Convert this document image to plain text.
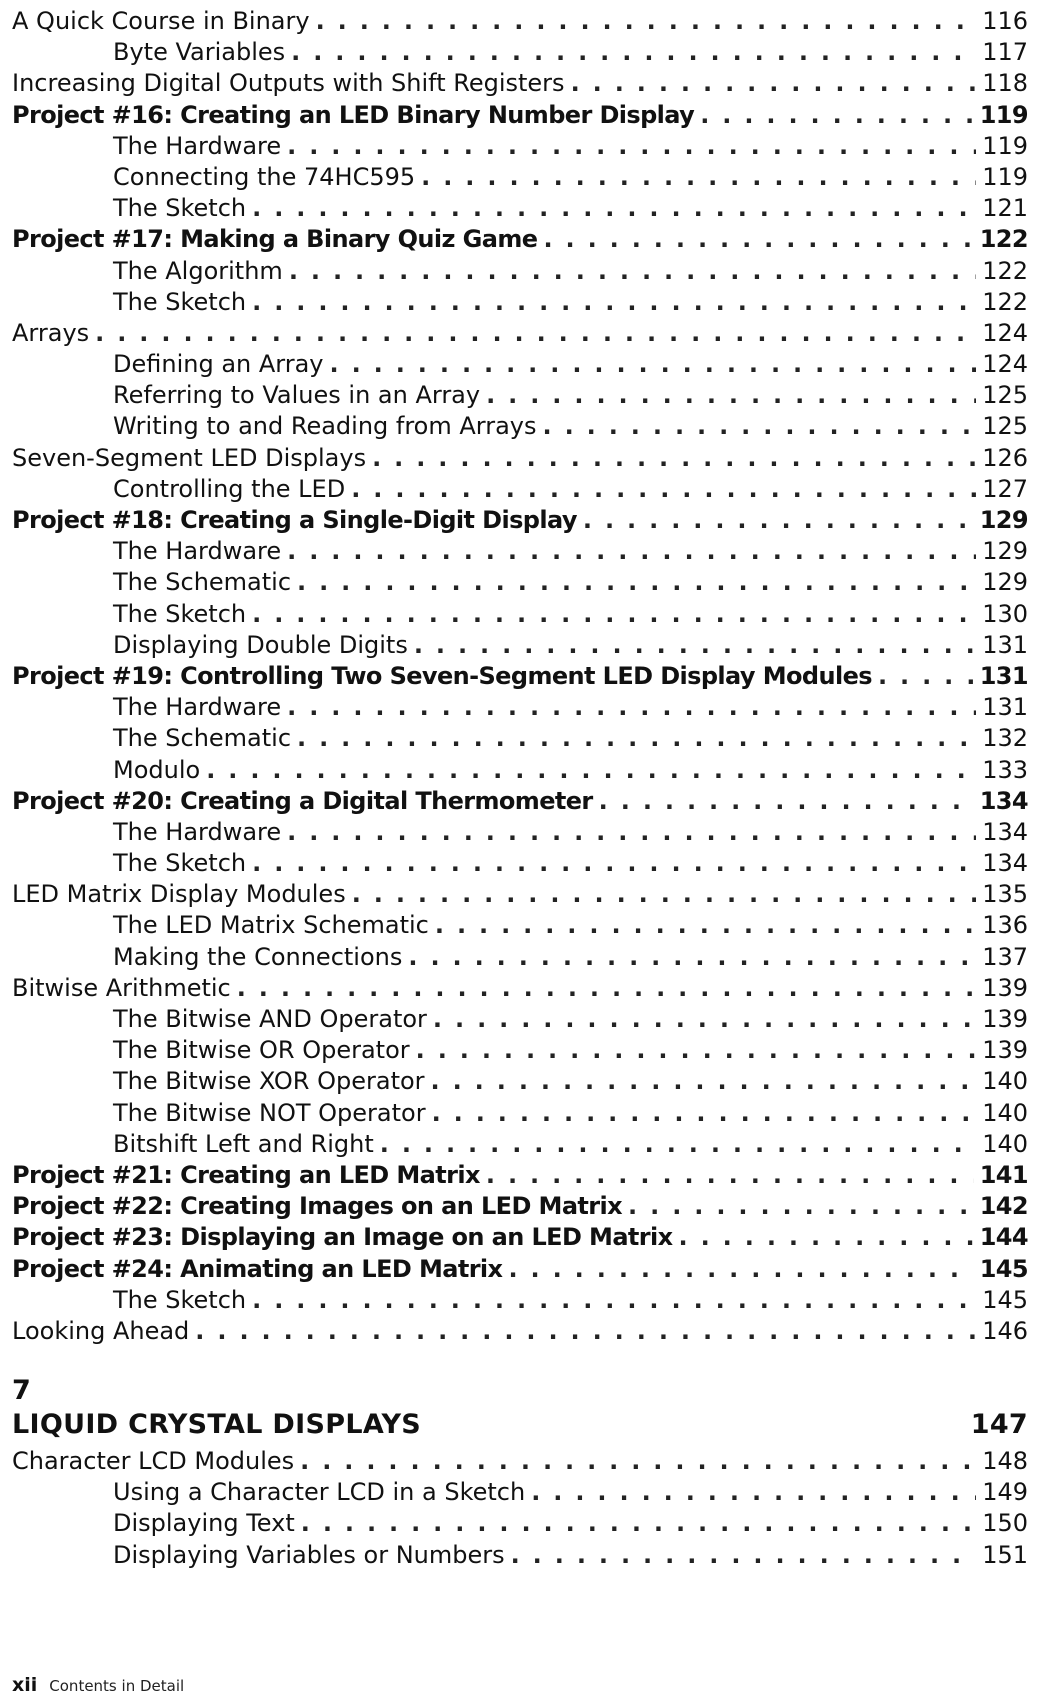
A Quick Course in Binary . . .	116
Byte Variables . . .	117
Increasing Digital Outputs with Shift Registers . . .	118
Project #16: Creating an LED Binary Number Display . . .	119
The Hardware . . .	119
Connecting the 74HC595 . . .	119
The Sketch . . .	121
Project #17: Making a Binary Quiz Game . . .	122
The Algorithm . . .	122
The Sketch . . .	122
Arrays . . .	124
Defining an Array . . .	124
Referring to Values in an Array . . .	125
Writing to and Reading from Arrays . . .	125
Seven-Segment LED Displays . . .	126
Controlling the LED . . .	127
Project #18: Creating a Single-Digit Display . . .	129
The Hardware . . .	129
The Schematic . . .	129
The Sketch . . .	130
Displaying Double Digits . . .	131
Project #19: Controlling Two Seven-Segment LED Display Modules . . .	131
The Hardware . . .	131
The Schematic . . .	132
Modulo . . .	133
Project #20: Creating a Digital Thermometer . . .	134
The Hardware . . .	134
The Sketch . . .	134
LED Matrix Display Modules . . .	135
The LED Matrix Schematic . . .	136
Making the Connections . . .	137
Bitwise Arithmetic . . .	139
The Bitwise AND Operator . . .	139
The Bitwise OR Operator . . .	139
The Bitwise XOR Operator . . .	140
The Bitwise NOT Operator . . .	140
Bitshift Left and Right . . .	140
Project #21: Creating an LED Matrix . . .	141
Project #22: Creating Images on an LED Matrix . . .	142
Project #23: Displaying an Image on an LED Matrix . . .	144
Project #24: Animating an LED Matrix . . .	145
The Sketch . . .	145
Looking Ahead . . .	146
7
LIQUID CRYSTAL DISPLAYS	147
Character LCD Modules . . .	148
Using a Character LCD in a Sketch . . .	149
Displaying Text . . .	150
Displaying Variables or Numbers . . .	151
xii Contents in Detail
